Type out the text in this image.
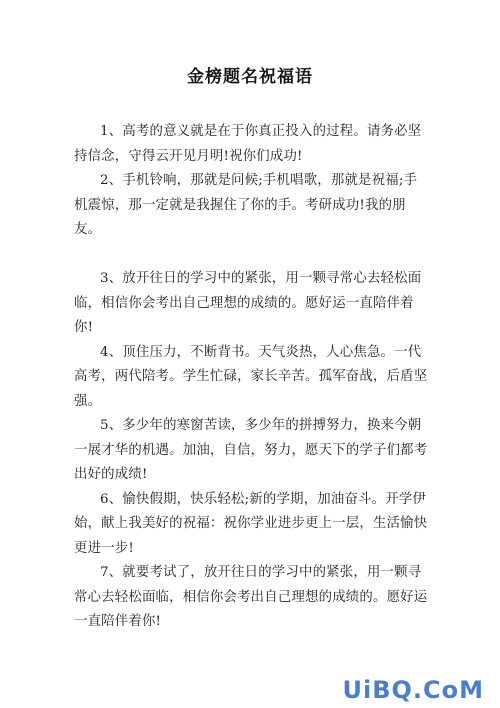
金榜题名祝福语

1、高考的意义就是在于你真正投入的过程。请务必坚持信念，守得云开见月明!祝你们成功!

2、手机铃响，那就是问候;手机唱歌，那就是祝福;手机震惊，那一定就是我握住了你的手。考研成功!我的朋友。

3、放开往日的学习中的紧张，用一颗寻常心去轻松面临，相信你会考出自己理想的成绩的。愿好运一直陪伴着你!

4、顶住压力，不断背书。天气炎热，人心焦急。一代高考，两代陪考。学生忙碌，家长辛苦。孤军奋战，后盾坚强。

5、多少年的寒窗苦读，多少年的拼搏努力，换来今朝一展才华的机遇。加油，自信，努力，愿天下的学子们都考出好的成绩!

6、愉快假期，快乐轻松;新的学期，加油奋斗。开学伊始，献上我美好的祝福：祝你学业进步更上一层，生活愉快更进一步!

7、就要考试了，放开往日的学习中的紧张，用一颗寻常心去轻松面临，相信你会考出自己理想的成绩的。愿好运一直陪伴着你!

UiBQ.CoM
